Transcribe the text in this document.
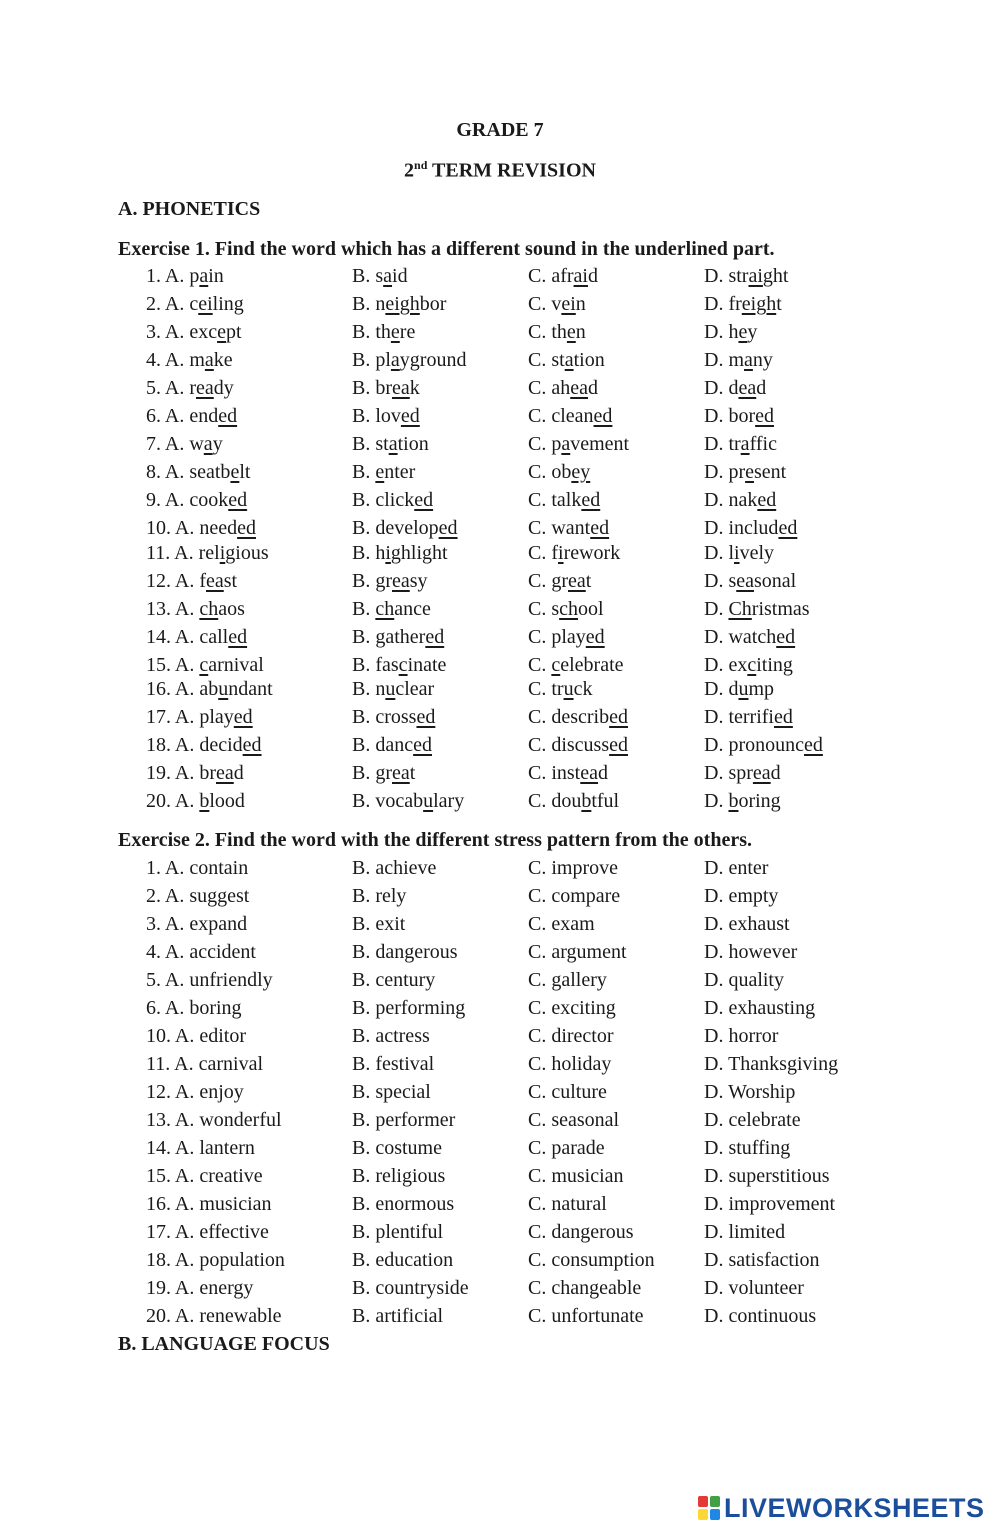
GRADE 7
2nd TERM REVISION
A. PHONETICS
Exercise 1. Find the word which has a different sound in the underlined part.
1. A. pain	B. said	C. afraid	D. straight
2. A. ceiling	B. neighbor	C. vein	D. freight
3. A. except	B. there	C. then	D. hey
4. A. make	B. playground	C. station	D. many
5. A. ready	B. break	C. ahead	D. dead
6. A. ended	B. loved	C. cleaned	D. bored
7. A. way	B. station	C. pavement	D. traffic
8. A. seatbelt	B. enter	C. obey	D. present
9. A. cooked	B. clicked	C. talked	D. naked
10. A. needed	B. developed	C. wanted	D. included
11. A. religious	B. highlight	C. firework	D. lively
12. A. feast	B. greasy	C. great	D. seasonal
13. A. chaos	B. chance	C. school	D. Christmas
14. A. called	B. gathered	C. played	D. watched
15. A. carnival	B. fascinate	C. celebrate	D. exciting
16. A. abundant	B. nuclear	C. truck	D. dump
17. A. played	B. crossed	C. described	D. terrified
18. A. decided	B. danced	C. discussed	D. pronounced
19. A. bread	B. great	C. instead	D. spread
20. A. blood	B. vocabulary	C. doubtful	D. boring
Exercise 2. Find the word with the different stress pattern from the others.
1. A. contain	B. achieve	C. improve	D. enter
2. A. suggest	B. rely	C. compare	D. empty
3. A. expand	B. exit	C. exam	D. exhaust
4. A. accident	B. dangerous	C. argument	D. however
5. A. unfriendly	B. century	C. gallery	D. quality
6. A. boring	B. performing	C. exciting	D. exhausting
10. A. editor	B. actress	C. director	D. horror
11. A. carnival	B. festival	C. holiday	D. Thanksgiving
12. A. enjoy	B. special	C. culture	D. Worship
13. A. wonderful	B. performer	C. seasonal	D. celebrate
14. A. lantern	B. costume	C. parade	D. stuffing
15. A. creative	B. religious	C. musician	D. superstitious
16. A. musician	B. enormous	C. natural	D. improvement
17. A. effective	B. plentiful	C. dangerous	D. limited
18. A. population	B. education	C. consumption D. satisfaction
19. A. energy	B. countryside	C. changeable	D. volunteer
20. A. renewable	B. artificial	C. unfortunate	D. continuous
B. LANGUAGE FOCUS
LIVEWORKSHEETS
